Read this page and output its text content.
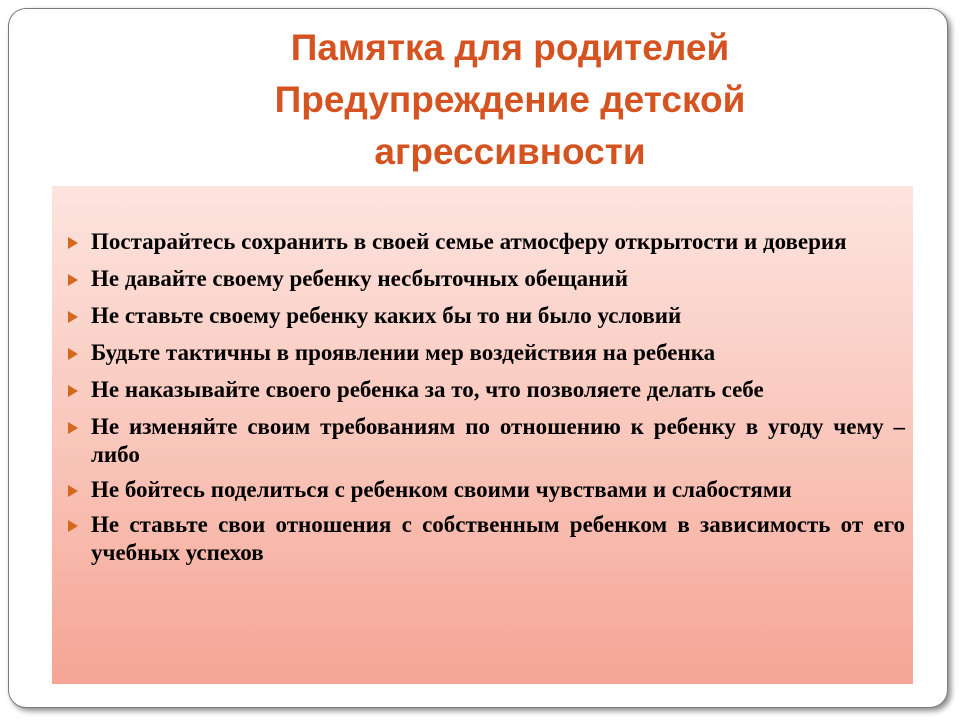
Памятка для родителей
Предупреждение детской
агрессивности
Постарайтесь сохранить в своей семье атмосферу открытости и доверия
Не давайте своему ребенку несбыточных обещаний
Не ставьте своему ребенку каких бы то ни было условий
Будьте тактичны в проявлении мер воздействия на ребенка
Не наказывайте своего ребенка за то, что позволяете делать себе
Не изменяйте своим требованиям по отношению к ребенку в угоду чему – либо
Не бойтесь поделиться с ребенком своими чувствами и слабостями
Не ставьте свои отношения с собственным ребенком в зависимость от его учебных успехов
